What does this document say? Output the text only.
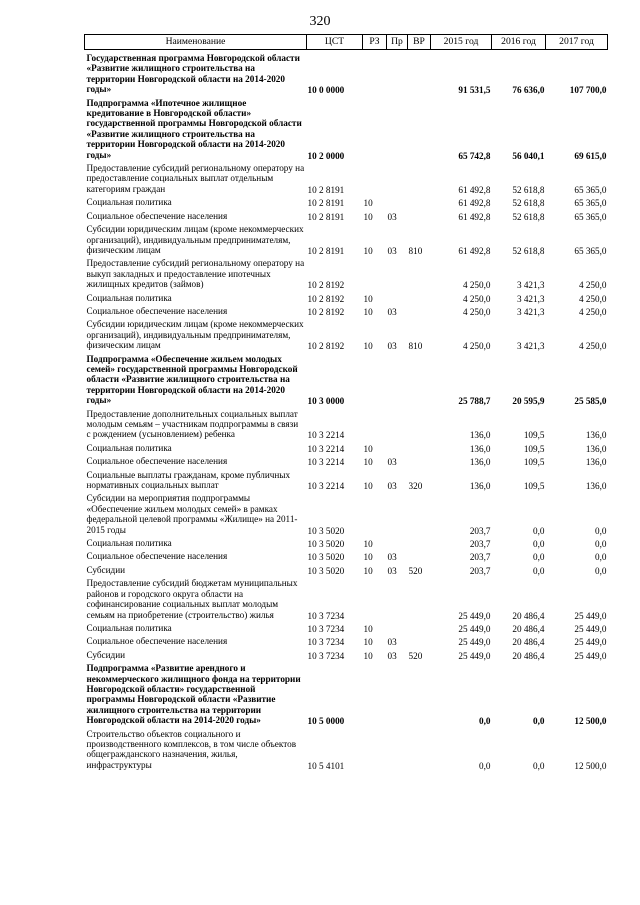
320
Наименование	ЦСТ	РЗ	Пр	ВР	2015 год	2016 год	2017 год
Государственная программа Новгородской области «Развитие жилищного строительства на территории Новгородской области на 2014-2020 годы»	10 0 0000				91 531,5	76 636,0	107 700,0
Подпрограмма «Ипотечное жилищное кредитование в Новгородской области» государственной программы Новгородской области «Развитие жилищного строительства на территории Новгородской области на 2014-2020 годы»	10 2 0000				65 742,8	56 040,1	69 615,0
Предоставление субсидий региональному оператору на предоставление социальных выплат отдельным категориям граждан	10 2 8191				61 492,8	52 618,8	65 365,0
Социальная политика	10 2 8191	10			61 492,8	52 618,8	65 365,0
Социальное обеспечение населения	10 2 8191	10	03		61 492,8	52 618,8	65 365,0
Субсидии юридическим лицам (кроме некоммерческих организаций), индивидуальным предпринимателям, физическим лицам	10 2 8191	10	03	810	61 492,8	52 618,8	65 365,0
Предоставление субсидий региональному оператору на выкуп закладных и предоставление ипотечных жилищных кредитов (займов)	10 2 8192				4 250,0	3 421,3	4 250,0
Социальная политика	10 2 8192	10			4 250,0	3 421,3	4 250,0
Социальное обеспечение населения	10 2 8192	10	03		4 250,0	3 421,3	4 250,0
Субсидии юридическим лицам (кроме некоммерческих организаций), индивидуальным предпринимателям, физическим лицам	10 2 8192	10	03	810	4 250,0	3 421,3	4 250,0
Подпрограмма «Обеспечение жильем молодых семей» государственной программы Новгородской области «Развитие жилищного строительства на территории Новгородской области на 2014-2020 годы»	10 3 0000				25 788,7	20 595,9	25 585,0
Предоставление дополнительных социальных выплат молодым семьям – участникам подпрограммы в связи с рождением (усыновлением) ребенка	10 3 2214				136,0	109,5	136,0
Социальная политика	10 3 2214	10			136,0	109,5	136,0
Социальное обеспечение населения	10 3 2214	10	03		136,0	109,5	136,0
Социальные выплаты гражданам, кроме публичных нормативных социальных выплат	10 3 2214	10	03	320	136,0	109,5	136,0
Субсидии на мероприятия подпрограммы «Обеспечение жильем молодых семей» в рамках федеральной целевой программы «Жилище» на 2011-2015 годы	10 3 5020				203,7	0,0	0,0
Социальная политика	10 3 5020	10			203,7	0,0	0,0
Социальное обеспечение населения	10 3 5020	10	03		203,7	0,0	0,0
Субсидии	10 3 5020	10	03	520	203,7	0,0	0,0
Предоставление субсидий бюджетам муниципальных районов и городского округа области на софинансирование социальных выплат молодым семьям на приобретение (строительство) жилья	10 3 7234				25 449,0	20 486,4	25 449,0
Социальная политика	10 3 7234	10			25 449,0	20 486,4	25 449,0
Социальное обеспечение населения	10 3 7234	10	03		25 449,0	20 486,4	25 449,0
Субсидии	10 3 7234	10	03	520	25 449,0	20 486,4	25 449,0
Подпрограмма «Развитие арендного и некоммерческого жилищного фонда на территории Новгородской области» государственной программы Новгородской области «Развитие жилищного строительства на территории Новгородской области на 2014-2020 годы»	10 5 0000				0,0	0,0	12 500,0
Строительство объектов социального и производственного комплексов, в том числе объектов общегражданского назначения, жилья, инфраструктуры	10 5 4101				0,0	0,0	12 500,0
